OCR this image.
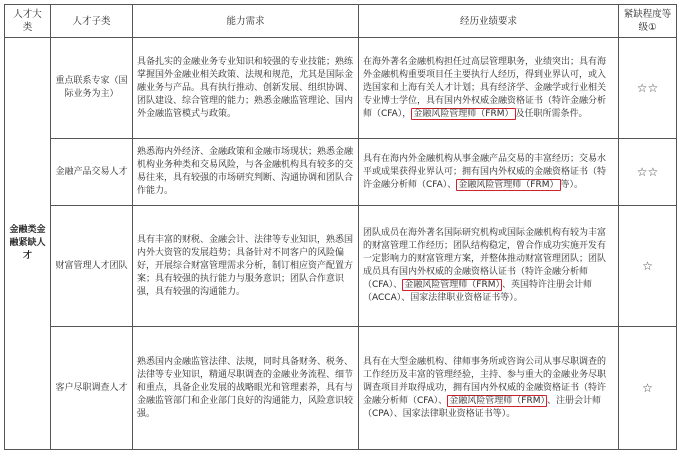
人才大类	人才子类	能力需求	经历业绩要求	紧缺程度等级①
金融类金融紧缺人才	重点联系专家（国际业务为主）	具备扎实的金融业务专业知识和较强的专业技能；熟练掌握国外金融业相关政策、法规和规范，尤其是国际金融业务与产品。具有执行推动、创新发展、组织协调、团队建设、综合管理的能力；熟悉金融监管理论、国内外金融监管模式与政策。	在海外著名金融机构担任过高层管理职务，业绩突出；具有海外金融机构重要项目任主要执行人经历，得到业界认可，或入选国家和上海有关人才计划；具有经济学、金融学或行业相关专业博士学位，具有国内外权威金融资格证书（特许金融分析师（CFA）， 金融风险管理师（FRM） 及任职所需条件。	☆☆
	金融产品交易人才	熟悉海内外经济、金融政策和金融市场现状；熟悉金融机构业务种类和交易风险，与各金融机构具有较多的交易往来，具有较强的市场研究判断、沟通协调和团队合作能力。	具有在海内外金融机构从事金融产品交易的丰富经历；交易水平或成果获得业界认可；拥有国内外权威的金融资格证书（特许金融分析师（CFA）、 金融风险管理师（FRM） 等）。	☆☆
	财富管理人才团队	具有丰富的财税、金融会计、法律等专业知识，熟悉国内外大资管的发展趋势；具备针对不同客户的风险偏好，开展综合财富管理需求分析，制订相应资产配置方案；具有较强的执行能力与服务意识；团队合作意识强，具有较强的沟通能力。	团队成员在海外著名国际研究机构或国际金融机构有较为丰富的财富管理工作经历；团队结构稳定，曾合作成功实施开发有一定影响力的财富管理方案，并整体推动财富管理团队；团队成员具有国内外权威的金融资格认证书（特许金融分析师（CFA）、 金融风险管理师（FRM） 、英国特许注册会计师（ACCA）、国家法律职业资格证书等）。	☆
	客户尽职调查人才	熟悉国内金融监管法律、法规，同时具备财务、税务、法律等专业知识，精通尽职调查的金融业务流程、细节和重点，具备企业发展的战略眼光和管理素养，具有与金融监管部门和企业部门良好的沟通能力，风险意识较强。	具有在大型金融机构、律师事务所或咨询公司从事尽职调查的工作经历及丰富的管理经验，主持、参与重大的金融业务尽职调查项目并取得成功，拥有国内外权威的金融资格证书（特许金融分析师（CFA）、 金融风险管理师（FRM） 、注册会计师（CPA）、国家法律职业资格证书等）。	☆
